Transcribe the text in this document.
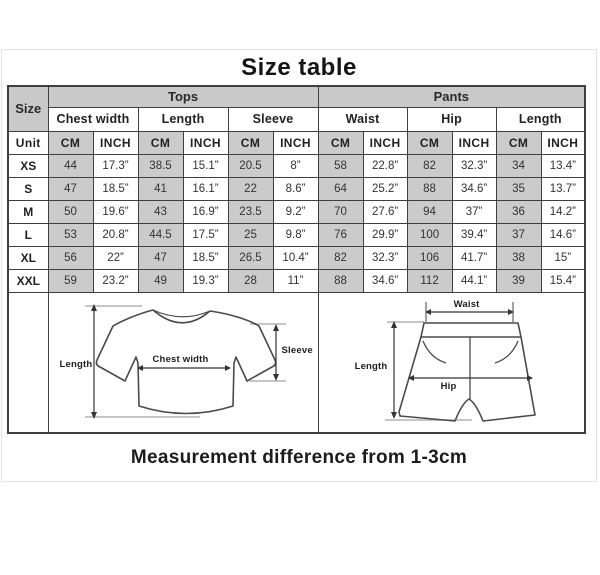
Size table
Size	Tops						Pants					
	Chest width		Length		Sleeve		Waist		Hip		Length	
Unit	CM	INCH	CM	INCH	CM	INCH	CM	INCH	CM	INCH	CM	INCH
XS	44	17.3”	38.5	15.1”	20.5	8”	58	22.8”	82	32.3”	34	13.4”
S	47	18.5”	41	16.1”	22	8.6”	64	25.2”	88	34.6”	35	13.7”
M	50	19.6”	43	16.9”	23.5	9.2”	70	27.6”	94	37”	36	14.2”
L	53	20.8”	44.5	17.5”	25	9.8”	76	29.9”	100	39.4”	37	14.6”
XL	56	22”	47	18.5”	26.5	10.4”	82	32.3”	106	41.7”	38	15”
XXL	59	23.2”	49	19.3”	28	11”	88	34.6”	112	44.1”	39	15.4”

	Length Chest width
Sleeve						Waist
Length
Hip					
Measurement difference from 1-3cm
